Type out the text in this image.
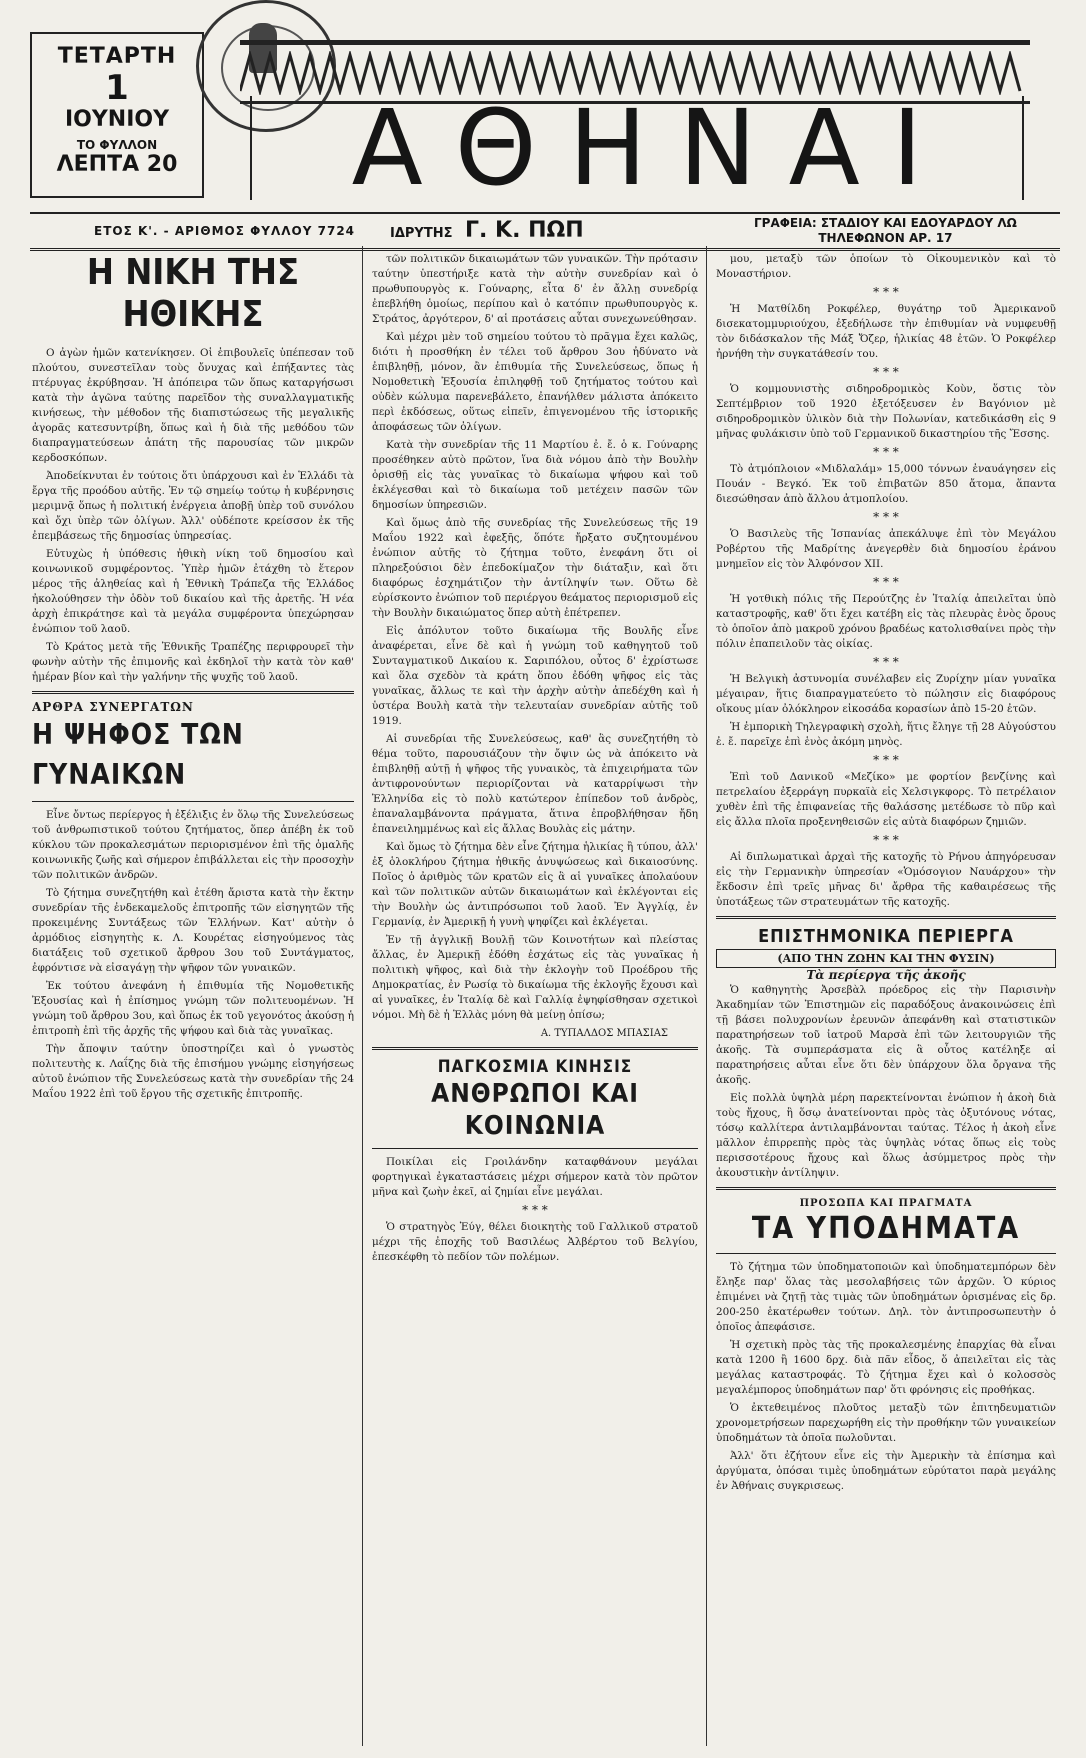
ΤΕΤΑΡΤΗ
1
ΙΟΥΝΙΟΥ
ΤΟ ΦΥΛΛΟΝ
ΛΕΠΤΑ 20	ΑΘΗΝΑΙ
ΕΤΟΣ Κ'. - ΑΡΙΘΜΟΣ ΦΥΛΛΟΥ 7724	ΙΔΡΥΤΗΣ Γ. Κ. ΠΩΠ	ΓΡΑΦΕΙΑ: ΣΤΑΔΙΟΥ ΚΑΙ ΕΔΟΥΑΡΔΟΥ ΛΩ
ΤΗΛΕΦΩΝΟΝ ΑΡ. 17
Η ΝΙΚΗ ΤΗΣ ΗΘΙΚΗΣ

Ο ἀγὼν ἡμῶν κατενίκησεν. Οἱ ἐπιβουλεῖς ὑπέπεσαν τοῦ πλούτου, συνεστεῖλαν τοὺς ὄνυχας καὶ ἐπήξαντες τὰς πτέρυγας ἐκρύβησαν. Ἡ ἀπόπειρα τῶν ὅπως καταργήσωσι κατὰ τὴν ἀγῶνα ταύτης παρεῖδον τὴς συναλλαγματικῆς κινήσεως, τὴν μέθοδον τῆς διαπιστώσεως τῆς μεγαλικῆς ἀγορᾶς κατεσυντρίβη, ὅπως καὶ ἡ διὰ τῆς μεθόδου τῶν διαπραγματεύσεων ἀπάτη τῆς παρουσίας τῶν μικρῶν κερδοσκόπων.

Ἀποδείκνυται ἐν τούτοις ὅτι ὑπάρχουσι καὶ ἐν Ἑλλάδι τὰ ἔργα τῆς προόδου αὐτῆς. Ἐν τῷ σημείῳ τούτῳ ἡ κυβέρνησις μεριμνᾷ ὅπως ἡ πολιτική ἐνέργεια ἀποβῇ ὑπὲρ τοῦ συνόλου καὶ ὄχι ὑπὲρ τῶν ὀλίγων. Ἀλλ' οὐδέποτε κρείσσον ἐκ τῆς ἐπεμβάσεως τῆς δημοσίας ὑπηρεσίας.

Εὐτυχὼς ἡ ὑπόθεσις ἠθικὴ νίκη τοῦ δημοσίου καὶ κοινωνικοῦ συμφέροντος. Ὑπὲρ ἡμῶν ἐτάχθη τὸ ἕτερον μέρος τῆς ἀληθείας καὶ ἡ Ἐθνικὴ Τράπεζα τῆς Ἑλλάδος ἠκολούθησεν τὴν ὁδὸν τοῦ δικαίου καὶ τῆς ἀρετῆς. Ἡ νέα ἀρχὴ ἐπικράτησε καὶ τὰ μεγάλα συμφέροντα ὑπεχώρησαν ἐνώπιον τοῦ λαοῦ.

Τὸ Κράτος μετὰ τῆς Ἐθνικῆς Τραπέζης περιφρουρεῖ τὴν φωνὴν αὐτὴν τῆς ἐπιμονῆς καὶ ἐκδηλοῖ τὴν κατὰ τὸν καθ' ἡμέραν βίον καὶ τὴν γαλήνην τῆς ψυχῆς τοῦ λαοῦ.

ΑΡΘΡΑ ΣΥΝΕΡΓΑΤΩΝ
Η ΨΗΦΟΣ ΤΩΝ ΓΥΝΑΙΚΩΝ

Εἶνε ὄντως περίεργος ἡ ἐξέλιξις ἐν ὅλῳ τῆς Συνελεύσεως τοῦ ἀνθρωπιστικοῦ τούτου ζητήματος, ὅπερ ἀπέβη ἐκ τοῦ κύκλου τῶν προκαλεσμάτων περιορισμένον ἐπὶ τῆς ὁμαλῆς κοινωνικῆς ζωῆς καὶ σήμερον ἐπιβάλλεται εἰς τὴν προσοχὴν τῶν πολιτικῶν ἀνδρῶν.

Τὸ ζήτημα συνεζητήθη καὶ ἐτέθη ἄριστα κατὰ τὴν ἔκτην συνεδρίαν τῆς ἐνδεκαμελοῦς ἐπιτροπῆς τῶν εἰσηγητῶν τῆς προκειμένης Συντάξεως τῶν Ἑλλήνων. Κατ' αὐτὴν ὁ ἀρμόδιος εἰσηγητὴς κ. Λ. Κουρέτας εἰσηγούμενος τὰς διατάξεις τοῦ σχετικοῦ ἄρθρου 3ου τοῦ Συντάγματος, ἐφρόντισε νὰ εἰσαγάγῃ τὴν ψῆφον τῶν γυναικῶν.

Ἐκ τούτου ἀνεφάνη ἡ ἐπιθυμία τῆς Νομοθετικῆς Ἐξουσίας καὶ ἡ ἐπίσημος γνώμη τῶν πολιτευομένων. Ἡ γνώμη τοῦ ἄρθρου 3ου, καὶ ὅπως ἐκ τοῦ γεγονότος ἀκούσῃ ἡ ἐπιτροπὴ ἐπὶ τῆς ἀρχῆς τῆς ψήφου καὶ διὰ τὰς γυναῖκας.

Τὴν ἄποψιν ταύτην ὑποστηρίζει καὶ ὁ γνωστὸς πολιτευτὴς κ. Λαΐζης διὰ τῆς ἐπισήμου γνώμης εἰσηγήσεως αὐτοῦ ἐνώπιον τῆς Συνελεύσεως κατὰ τὴν συνεδρίαν τῆς 24 Μαΐου 1922 ἐπὶ τοῦ ἔργου τῆς σχετικῆς ἐπιτροπῆς.

τῶν πολιτικῶν δικαιωμάτων τῶν γυναικῶν. Τὴν πρότασιν ταύτην ὑπεστήριξε κατὰ τὴν αὐτὴν συνεδρίαν καὶ ὁ πρωθυπουργὸς κ. Γούναρης, εἶτα δ' ἐν ἄλλῃ συνεδρίᾳ ἐπεβλήθη ὁμοίως, περίπου καὶ ὁ κατόπιν πρωθυπουργὸς κ. Στράτος, ἀργότερον, δ' αἱ προτάσεις αὗται συνεχωνεύθησαν.

Καὶ μέχρι μὲν τοῦ σημείου τούτου τὸ πρᾶγμα ἔχει καλῶς, διότι ἡ προσθήκη ἐν τέλει τοῦ ἄρθρου 3ου ἠδύνατο νὰ ἐπιβληθῇ, μόνον, ἂν ἐπιθυμία τῆς Συνελεύσεως, ὅπως ἡ Νομοθετικὴ Ἐξουσία ἐπιληφθῇ τοῦ ζητήματος τούτου καὶ οὐδὲν κώλυμα παρενεβάλετο, ἐπανήλθεν μάλιστα ἀπόκειτο περὶ ἐκδόσεως, οὕτως εἰπεῖν, ἐπιγενομένου τῆς ἱστορικῆς ἀποφάσεως τῶν ὀλίγων.

Κατὰ τὴν συνεδρίαν τῆς 11 Μαρτίου ἐ. ἔ. ὁ κ. Γούναρης προσέθηκεν αὐτὸ πρῶτον, ἵνα διὰ νόμου ἀπὸ τὴν Βουλὴν ὁρισθῇ εἰς τὰς γυναῖκας τὸ δικαίωμα ψήφου καὶ τοῦ ἐκλέγεσθαι καὶ τὸ δικαίωμα τοῦ μετέχειν πασῶν τῶν δημοσίων ὑπηρεσιῶν.

Καὶ ὅμως ἀπὸ τῆς συνεδρίας τῆς Συνελεύσεως τῆς 19 Μαΐου 1922 καὶ ἐφεξῆς, ὅπότε ἤρξατο συζητουμένου ἐνώπιον αὐτῆς τὸ ζήτημα τοῦτο, ἐνεφάνη ὅτι οἱ πληρεξούσιοι δὲν ἐπεδοκίμαζον τὴν διάταξιν, καὶ ὅτι διαφόρως ἐσχημάτιζον τὴν ἀντίληψίν των. Οὕτω δὲ εὑρίσκοντο ἐνώπιον τοῦ περιέργου θεάματος περιορισμοῦ εἰς τὴν Βουλὴν δικαιώματος ὅπερ αὐτὴ ἐπέτρεπεν.

Εἰς ἀπόλυτον τοῦτο δικαίωμα τῆς Βουλῆς εἶνε ἀναφέρεται, εἶνε δὲ καὶ ἡ γνώμη τοῦ καθηγητοῦ τοῦ Συνταγματικοῦ Δικαίου κ. Σαριπόλου, οὗτος δ' ἐχρίστωσε καὶ ὅλα σχεδὸν τὰ κράτη ὅπου ἐδόθη ψῆφος εἰς τὰς γυναῖκας, ἄλλως τε καὶ τὴν ἀρχὴν αὐτὴν ἀπεδέχθη καὶ ἡ ὑστέρα Βουλὴ κατὰ τὴν τελευταίαν συνεδρίαν αὐτῆς τοῦ 1919.

Αἱ συνεδρίαι τῆς Συνελεύσεως, καθ' ἃς συνεζητήθη τὸ θέμα τοῦτο, παρουσιάζουν τὴν ὄψιν ὡς νὰ ἀπόκειτο νὰ ἐπιβληθῇ αὐτῇ ἡ ψῆφος τῆς γυναικὸς, τὰ ἐπιχειρήματα τῶν ἀντιφρονούντων περιορίζονται νὰ καταρρίψωσι τὴν Ἑλληνίδα εἰς τὸ πολὺ κατώτερον ἐπίπεδον τοῦ ἀνδρὸς, ἐπαναλαμβάνοντα πράγματα, ἅτινα ἐπροβλήθησαν ἤδη ἐπανειλημμένως καὶ εἰς ἄλλας Βουλὰς εἰς μάτην.

Καὶ ὅμως τὸ ζήτημα δὲν εἶνε ζήτημα ἡλικίας ἢ τύπου, ἀλλ' ἐξ ὁλοκλήρου ζήτημα ἠθικῆς ἀνυψώσεως καὶ δικαιοσύνης. Ποῖος ὁ ἀριθμὸς τῶν κρατῶν εἰς ἃ αἱ γυναῖκες ἀπολαύουν καὶ τῶν πολιτικῶν αὐτῶν δικαιωμάτων καὶ ἐκλέγονται εἰς τὴν Βουλὴν ὡς ἀντιπρόσωποι τοῦ λαοῦ. Ἐν Ἀγγλίᾳ, ἐν Γερμανίᾳ, ἐν Ἀμερικῇ ἡ γυνὴ ψηφίζει καὶ ἐκλέγεται.

Ἐν τῇ ἀγγλικῇ Βουλῇ τῶν Κοινοτήτων καὶ πλείστας ἄλλας, ἐν Ἀμερικῇ ἐδόθη ἐσχάτως εἰς τὰς γυναῖκας ἡ πολιτικὴ ψῆφος, καὶ διὰ τὴν ἐκλογὴν τοῦ Προέδρου τῆς Δημοκρατίας, ἐν Ρωσίᾳ τὸ δικαίωμα τῆς ἐκλογῆς ἔχουσι καὶ αἱ γυναῖκες, ἐν Ἰταλίᾳ δὲ καὶ Γαλλίᾳ ἐψηφίσθησαν σχετικοὶ νόμοι. Μὴ δὲ ἡ Ἑλλὰς μόνη θὰ μείνῃ ὀπίσω;

Α. ΤΥΠΑΛΔΟΣ ΜΠΑΣΙΑΣ
ΠΑΓΚΟΣΜΙΑ ΚΙΝΗΣΙΣ
ΑΝΘΡΩΠΟΙ ΚΑΙ ΚΟΙΝΩΝΙΑ

Ποικίλαι εἰς Γροιλάνδην καταφθάνουν μεγάλαι φορτηγικαὶ ἐγκαταστάσεις μέχρι σήμερον κατὰ τὸν πρῶτον μῆνα καὶ ζωὴν ἐκεῖ, αἱ ζημίαι εἶνε μεγάλαι.

* * *

Ὁ στρατηγὸς Ἑύγ, θέλει διοικητὴς τοῦ Γαλλικοῦ στρατοῦ μέχρι τῆς ἐποχῆς τοῦ Βασιλέως Ἀλβέρτου τοῦ Βελγίου, ἐπεσκέφθη τὸ πεδίον τῶν πολέμων.

μου, μεταξὺ τῶν ὁποίων τὸ Οἰκουμενικὸν καὶ τὸ Μοναστήριον.

* * *

Ἡ Ματθίλδη Ροκφέλερ, θυγάτηρ τοῦ Ἀμερικανοῦ δισεκατομμυριούχου, ἐξεδήλωσε τὴν ἐπιθυμίαν νὰ νυμφευθῇ τὸν διδάσκαλον τῆς Μάξ Ὄζερ, ἡλικίας 48 ἐτῶν. Ὁ Ροκφέλερ ἠρνήθη τὴν συγκατάθεσίν του.

* * *

Ὁ κομμουνιστὴς σιδηροδρομικὸς Κοὺν, ὅστις τὸν Σεπτέμβριον τοῦ 1920 ἐξετόξευσεν ἐν Βαγόνιον μὲ σιδηροδρομικὸν ὑλικὸν διὰ τὴν Πολωνίαν, κατεδικάσθη εἰς 9 μῆνας φυλάκισιν ὑπὸ τοῦ Γερμανικοῦ δικαστηρίου τῆς Ἔσσης.

* * *

Τὸ ἀτμόπλοιον «Μιδλαλάμ» 15,000 τόννων ἐναυάγησεν εἰς Πουάν - Βεγκό. Ἐκ τοῦ ἐπιβατῶν 850 ἄτομα, ἅπαντα διεσώθησαν ἀπὸ ἄλλου ἀτμοπλοίου.

* * *

Ὁ Βασιλεὺς τῆς Ἰσπανίας ἀπεκάλυψε ἐπὶ τὸν Μεγάλου Ροβέρτου τῆς Μαδρίτης ἀνεγερθὲν διὰ δημοσίου ἐράνου μνημεῖον εἰς τὸν Ἀλφόνσον XII.

* * *

Ἡ γοτθικὴ πόλις τῆς Περούτζης ἐν Ἰταλίᾳ ἀπειλεῖται ὑπὸ καταστροφῆς, καθ' ὅτι ἔχει κατέβη εἰς τὰς πλευρὰς ἐνὸς ὄρους τὸ ὁποῖον ἀπὸ μακροῦ χρόνου βραδέως κατολισθαίνει πρὸς τὴν πόλιν ἐπαπειλοῦν τὰς οἰκίας.

* * *

Ἡ Βελγικὴ ἀστυνομία συνέλαβεν εἰς Ζυρίχην μίαν γυναῖκα μέγαιραν, ἥτις διαπραγματεύετο τὸ πώλησιν εἰς διαφόρους οἴκους μίαν ὀλόκληρον εἰκοσάδα κορασίων ἀπὸ 15-20 ἐτῶν.

Ἡ ἐμπορικὴ Τηλεγραφικὴ σχολὴ, ἥτις ἔληγε τῇ 28 Αὐγούστου ἐ. ἔ. παρεῖχε ἐπὶ ἑνὸς ἀκόμη μηνὸς.

* * *

Ἐπὶ τοῦ Δανικοῦ «Μεζίκο» με φορτίον βενζίνης καὶ πετρελαίου ἐξερράγη πυρκαϊὰ εἰς Χελσιγκφορς. Τὸ πετρέλαιον χυθὲν ἐπὶ τῆς ἐπιφανείας τῆς θαλάσσης μετέδωσε τὸ πῦρ καὶ εἰς ἄλλα πλοῖα προξενηθεισῶν εἰς αὐτὰ διαφόρων ζημιῶν.

* * *

Αἱ διπλωματικαὶ ἀρχαὶ τῆς κατοχῆς τὸ Ρήνου ἀπηγόρευσαν εἰς τὴν Γερμανικὴν ὑπηρεσίαν «Ὁμόσογιον Ναυάρχου» τὴν ἔκδοσιν ἐπὶ τρεῖς μῆνας δι' ἄρθρα τῆς καθαιρέσεως τῆς ὑποτάξεως τῶν στρατευμάτων τῆς κατοχῆς.

ΕΠΙΣΤΗΜΟΝΙΚΑ ΠΕΡΙΕΡΓΑ
(ΑΠΟ ΤΗΝ ΖΩΗΝ ΚΑΙ ΤΗΝ ΦΥΣΙΝ)
Τὰ περίεργα τῆς ἀκοῆς

Ὁ καθηγητὴς Ἀρσεβὰλ πρόεδρος εἰς τὴν Παρισινὴν Ἀκαδημίαν τῶν Ἐπιστημῶν εἰς παραδόξους ἀνακοινώσεις ἐπὶ τῇ βάσει πολυχρονίων ἐρευνῶν ἀπεφάνθη καὶ στατιστικῶν παρατηρήσεων τοῦ ἰατροῦ Μαρσὰ ἐπὶ τῶν λειτουργιῶν τῆς ἀκοῆς. Τὰ συμπεράσματα εἰς ἃ οὗτος κατέληξε αἱ παρατηρήσεις αὗται εἶνε ὅτι δὲν ὑπάρχουν ὅλα ὄργανα τῆς ἀκοῆς.

Εἰς πολλὰ ὑψηλὰ μέρη παρεκτείνονται ἐνώπιον ἡ ἀκοὴ διὰ τοὺς ἤχους, ἢ ὅσῳ ἀνατείνονται πρὸς τὰς ὀξυτόνους νότας, τόσῳ καλλίτερα ἀντιλαμβάνονται ταύτας. Τέλος ἡ ἀκοὴ εἶνε μᾶλλον ἐπιρρεπὴς πρὸς τὰς ὑψηλὰς νότας ὅπως εἰς τοὺς περισσοτέρους ἤχους καὶ ὅλως ἀσύμμετρος πρὸς τὴν ἀκουστικὴν ἀντίληψιν.

ΠΡΟΣΩΠΑ ΚΑΙ ΠΡΑΓΜΑΤΑ
ΤΑ ΥΠΟΔΗΜΑΤΑ

Τὸ ζήτημα τῶν ὑποδηματοποιῶν καὶ ὑποδηματεμπόρων δὲν ἔληξε παρ' ὅλας τὰς μεσολαβήσεις τῶν ἀρχῶν. Ὁ κύριος ἐπιμένει νὰ ζητῇ τὰς τιμὰς τῶν ὑποδημάτων ὁρισμένας εἰς δρ. 200-250 ἑκατέρωθεν τούτων. Δηλ. τὸν ἀντιπροσωπευτὴν ὁ ὁποῖος ἀπεφάσισε.

Ἡ σχετικὴ πρὸς τὰς τῆς προκαλεσμένης ἐπαρχίας θὰ εἶναι κατὰ 1200 ἢ 1600 δρχ. διὰ πᾶν εἶδος, ὅ ἀπειλεῖται εἰς τὰς μεγάλας καταστροφάς. Τὸ ζήτημα ἔχει καὶ ὁ κολοσσὸς μεγαλέμπορος ὑποδημάτων παρ' ὅτι φρόνησις εἰς προθήκας.

Ὁ ἐκτεθειμένος πλοῦτος μεταξὺ τῶν ἐπιτηδευματιῶν χρονομετρήσεων παρεχωρήθη εἰς τὴν προθήκην τῶν γυναικείων ὑποδημάτων τὰ ὁποῖα πωλοῦνται.

Ἀλλ' ὅτι ἐζήτουν εἶνε εἰς τὴν Ἀμερικὴν τὰ ἐπίσημα καὶ ἀργύματα, ὁπόσαι τιμὲς ὑποδημάτων εὐρύτατοι παρὰ μεγάλης ἐν Ἀθήναις συγκρισεως.
